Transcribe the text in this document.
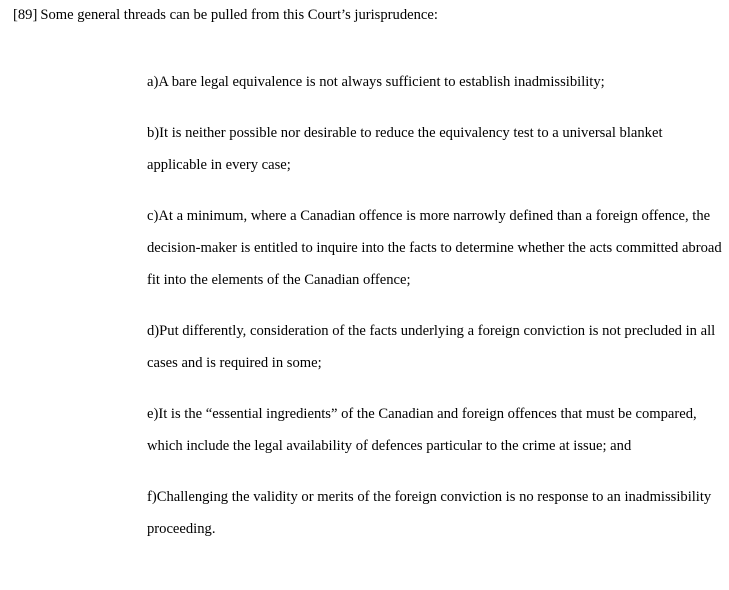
[89] Some general threads can be pulled from this Court’s jurisprudence:
a)A bare legal equivalence is not always sufficient to establish inadmissibility;
b)It is neither possible nor desirable to reduce the equivalency test to a universal blanket applicable in every case;
c)At a minimum, where a Canadian offence is more narrowly defined than a foreign offence, the decision-maker is entitled to inquire into the facts to determine whether the acts committed abroad fit into the elements of the Canadian offence;
d)Put differently, consideration of the facts underlying a foreign conviction is not precluded in all cases and is required in some;
e)It is the “essential ingredients” of the Canadian and foreign offences that must be compared, which include the legal availability of defences particular to the crime at issue; and
f)Challenging the validity or merits of the foreign conviction is no response to an inadmissibility proceeding.
